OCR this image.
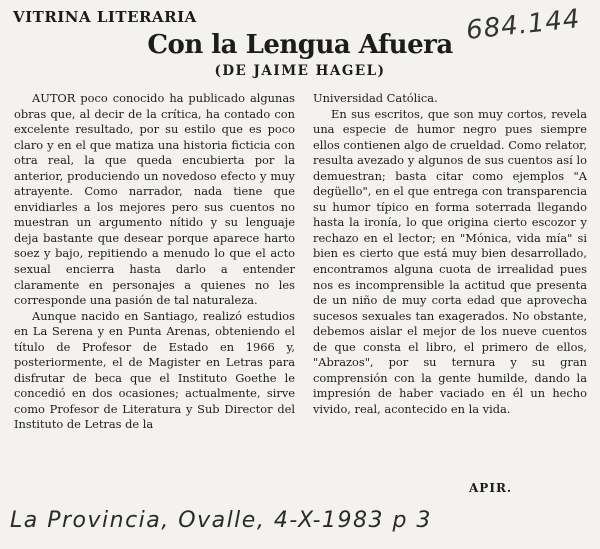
VITRINA LITERARIA	684.144
Con la Lengua Afuera
(DE JAIME HAGEL)

AUTOR poco conocido ha publicado algunas obras que, al decir de la crítica, ha contado con excelente resultado, por su estilo que es poco claro y en el que matiza una historia ficticia con otra real, la que queda encubierta por la anterior, produciendo un novedoso efecto y muy atrayente. Como narrador, nada tiene que envidiarles a los mejores pero sus cuentos no muestran un argumento nítido y su lenguaje deja bastante que desear porque aparece harto soez y bajo, repitiendo a menudo lo que el acto sexual encierra hasta darlo a entender claramente en personajes a quienes no les corresponde una pasión de tal naturaleza.

Aunque nacido en Santiago, realizó estudios en La Serena y en Punta Arenas, obteniendo el título de Profesor de Estado en 1966 y, posteriormente, el de Magister en Letras para disfrutar de beca que el Instituto Goethe le concedió en dos ocasiones; actualmente, sirve como Profesor de Literatura y Sub Director del Instituto de Letras de la

Universidad Católica.

En sus escritos, que son muy cortos, revela una especie de humor negro pues siempre ellos contienen algo de crueldad. Como relator, resulta avezado y algunos de sus cuentos así lo demuestran; basta citar como ejemplos "A degüello", en el que entrega con transparencia su humor típico en forma soterrada llegando hasta la ironía, lo que origina cierto escozor y rechazo en el lector; en "Mónica, vida mía" si bien es cierto que está muy bien desarrollado, encontramos alguna cuota de irrealidad pues nos es incomprensible la actitud que presenta de un niño de muy corta edad que aprovecha sucesos sexuales tan exagerados. No obstante, debemos aislar el mejor de los nueve cuentos de que consta el libro, el primero de ellos, "Abrazos", por su ternura y su gran comprensión con la gente humilde, dando la impresión de haber vaciado en él un hecho vivido, real, acontecido en la vida.

APIR.
La Provincia, Ovalle, 4-X-1983 p 3
